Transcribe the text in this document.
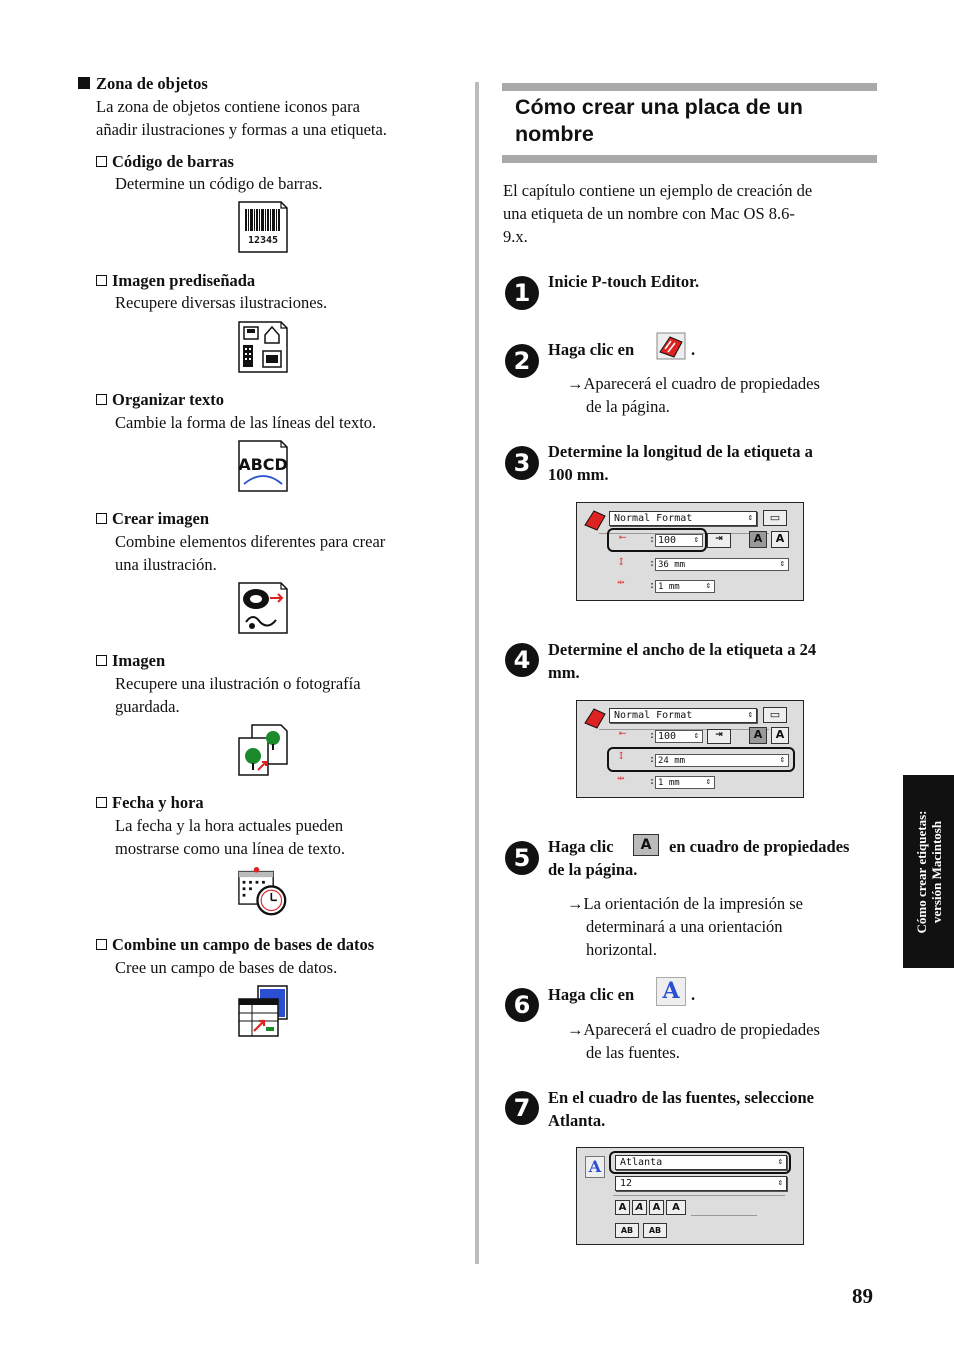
Zona de objetos
La zona de objetos contiene iconos para
añadir ilustraciones y formas a una etiqueta.
Código de barras
Determine un código de barras.
12345
Imagen prediseñada
Recupere diversas ilustraciones.
Organizar texto
Cambie la forma de las líneas del texto.
ABCD
Crear imagen
Combine elementos diferentes para crear
una ilustración.
Imagen
Recupere una ilustración o fotografía
guardada.
Fecha y hora
La fecha y la hora actuales pueden
mostrarse como una línea de texto.
Combine un campo de bases de datos
Cree un campo de bases de datos.
Cómo crear una placa de un
nombre
El capítulo contiene un ejemplo de creación de
una etiqueta de un nombre con Mac OS 8.6-
9.x.
1	Inicie P-touch Editor.
2	Haga clic en	.
→Aparecerá el cuadro de propiedades
de la página.
3	Determine la longitud de la etiqueta a
100 mm.
Normal Format	⇕	▭
⇤	100 ⇕
:	⇥	A	A
↕ : 36 mm	⇕
⇹ : 1 mm	⇕
4	Determine el ancho de la etiqueta a 24
mm.
Normal Format	⇕	▭
⇤ : 100 ⇕	⇥	A	A
↕ : 24 mm	⇕
⇹ : 1 mm	⇕
5	Haga clic	A	en cuadro de propiedades
de la página.
→La orientación de la impresión se
determinará a una orientación
horizontal.
6	Haga clic en A .
→Aparecerá el cuadro de propiedades
de las fuentes.
7	En el cuadro de las fuentes, seleccione
Atlanta.
A	Atlanta	⇕
12	⇕
A A A	A
AB	AB
Cómo crear etiquetas: versión Macintosh
89
